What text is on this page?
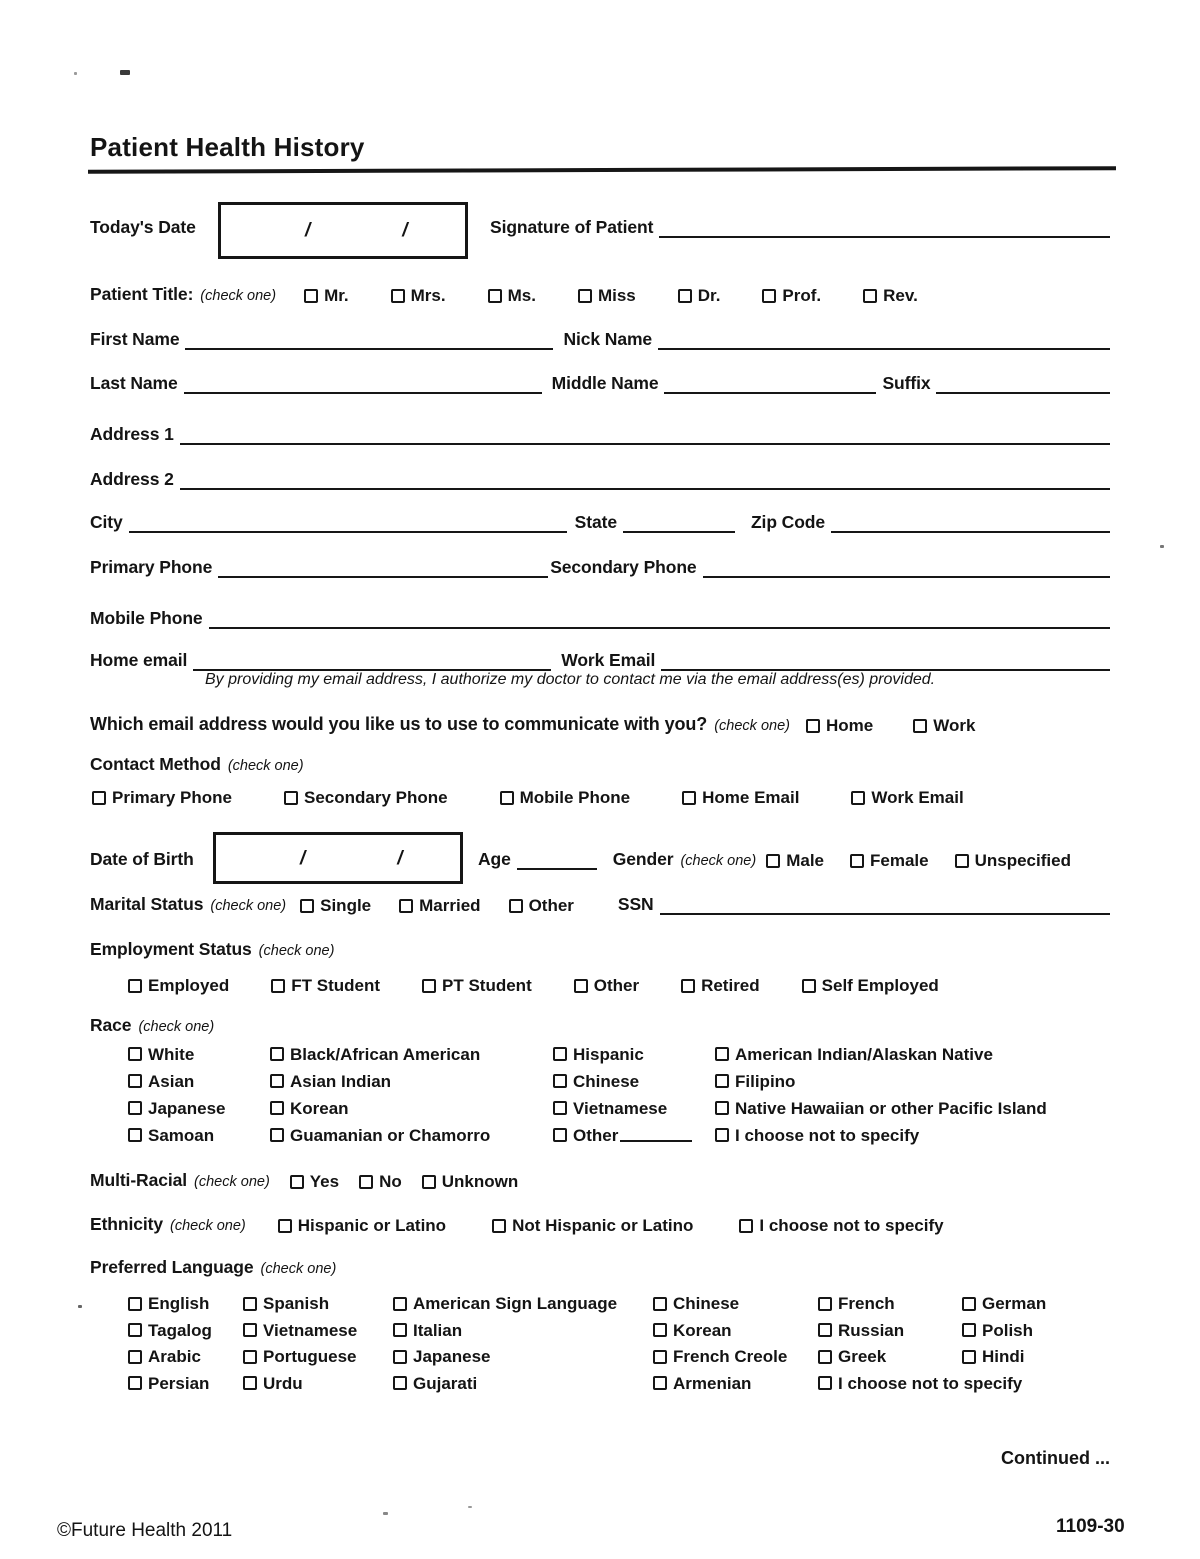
Patient Health History
Today's Date	/	/	Signature of Patient
Patient Title: (check one)	Mr.	Mrs.	Ms.	Miss	Dr.	Prof.	Rev.
First Name	Nick Name
Last Name	Middle Name	Suffix
Address 1
Address 2
City	State	Zip Code
Primary Phone	Secondary Phone
Mobile Phone
Home email	Work Email
By providing my email address, I authorize my doctor to contact me via the email address(es) provided.
Which email address would you like us to use to communicate with you? (check one) Home	Work
Contact Method (check one)
Primary Phone	Secondary Phone	Mobile Phone	Home Email	Work Email
Date of Birth	/	/	Age	Gender (check one) Male	Female	Unspecified
Marital Status (check one) Single	Married	Other	SSN
Employment Status (check one)
Employed	FT Student	PT Student	Other	Retired	Self Employed
Race (check one)
White	Black/African American	Hispanic	American Indian/Alaskan Native
Asian	Asian Indian	Chinese	Filipino
Japanese	Korean	Vietnamese	Native Hawaiian or other Pacific Island
Samoan	Guamanian or Chamorro	Other	I choose not to specify
Multi-Racial (check one) Yes No Unknown
Ethnicity (check one)	Hispanic or Latino	Not Hispanic or Latino	I choose not to specify
Preferred Language (check one)
English	Spanish	American Sign Language	Chinese	French	German
Tagalog	Vietnamese	Italian	Korean	Russian	Polish
Arabic	Portuguese	Japanese	French Creole	Greek	Hindi
Persian	Urdu	Gujarati	Armenian	I choose not to specify
Continued ...
©Future Health 2011	1109-30
